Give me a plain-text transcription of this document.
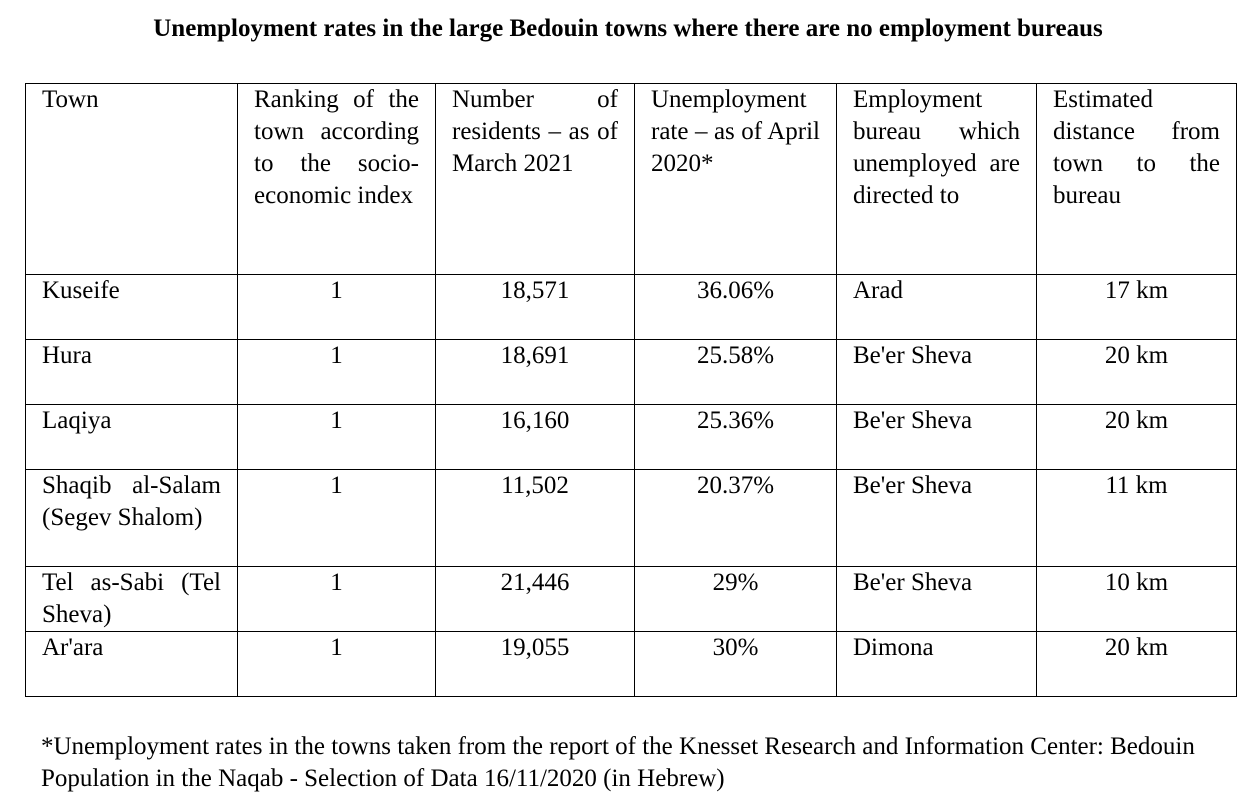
Unemployment rates in the large Bedouin towns where there are no employment bureaus
Town	Ranking of the town according to the socio-economic index	Number of residents – as of March 2021	Unemployment rate – as of April 2020*	Employment bureau which unemployed are directed to	Estimated distance from town to the bureau
Kuseife	1	18,571	36.06%	Arad	17 km
Hura	1	18,691	25.58%	Be'er Sheva	20 km
Laqiya	1	16,160	25.36%	Be'er Sheva	20 km
Shaqib al-Salam (Segev Shalom)	1	11,502	20.37%	Be'er Sheva	11 km
Tel as-Sabi (Tel Sheva)	1	21,446	29%	Be'er Sheva	10 km
Ar'ara	1	19,055	30%	Dimona	20 km
*Unemployment rates in the towns taken from the report of the Knesset Research and Information Center: Bedouin Population in the Naqab - Selection of Data 16/11/2020 (in Hebrew)
